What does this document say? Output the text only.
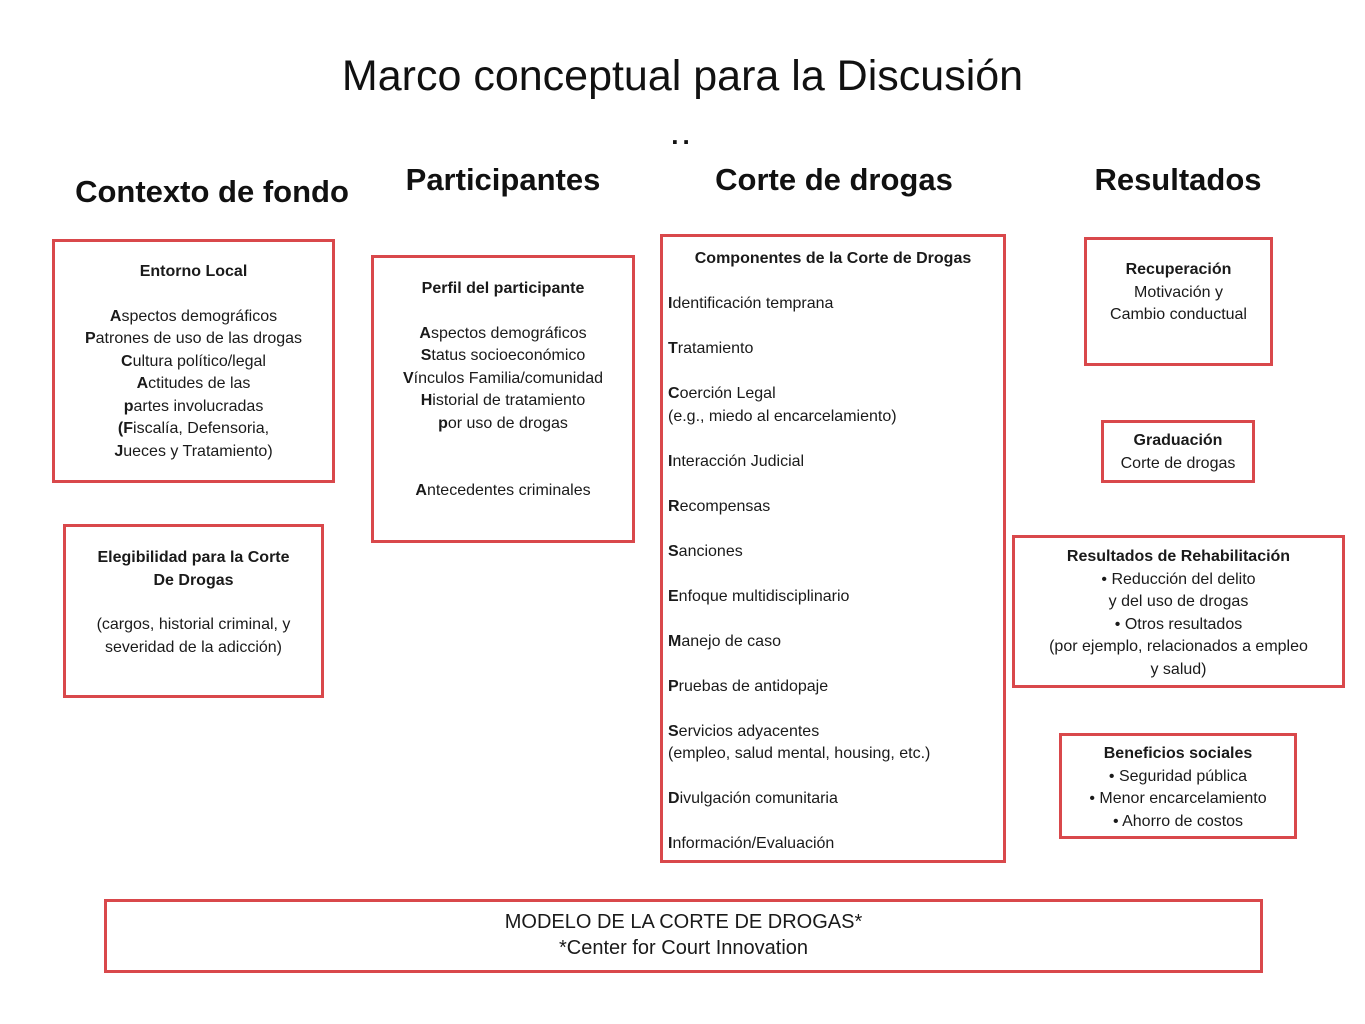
Marco conceptual para la Discusión
..
Contexto de fondo	Participantes	Corte de drogas	Resultados
Entorno Local
Aspectos demográficos
Patrones de uso de las drogas
Cultura político/legal
Actitudes de las
partes involucradas
(Fiscalía, Defensoria,
Jueces y Tratamiento)
Elegibilidad para la Corte
De Drogas
(cargos, historial criminal, y
severidad de la adicción)
Perfil del participante
Aspectos demográficos
Status socioeconómico
Vínculos Familia/comunidad
Historial de tratamiento
por uso de drogas
Antecedentes criminales
Componentes de la Corte de Drogas
Identificación temprana
Tratamiento
Coerción Legal
(e.g., miedo al encarcelamiento)
Interacción Judicial
Recompensas
Sanciones
Enfoque multidisciplinario
Manejo de caso
Pruebas de antidopaje
Servicios adyacentes
(empleo, salud mental, housing, etc.)
Divulgación comunitaria
Información/Evaluación
Recuperación
Motivación y
Cambio conductual
Graduación
Corte de drogas
Resultados de Rehabilitación
• Reducción del delito
y del uso de drogas
• Otros resultados
(por ejemplo, relacionados a empleo
y salud)
Beneficios sociales
• Seguridad pública
• Menor encarcelamiento
• Ahorro de costos
MODELO DE LA CORTE DE DROGAS*
*Center for Court Innovation
